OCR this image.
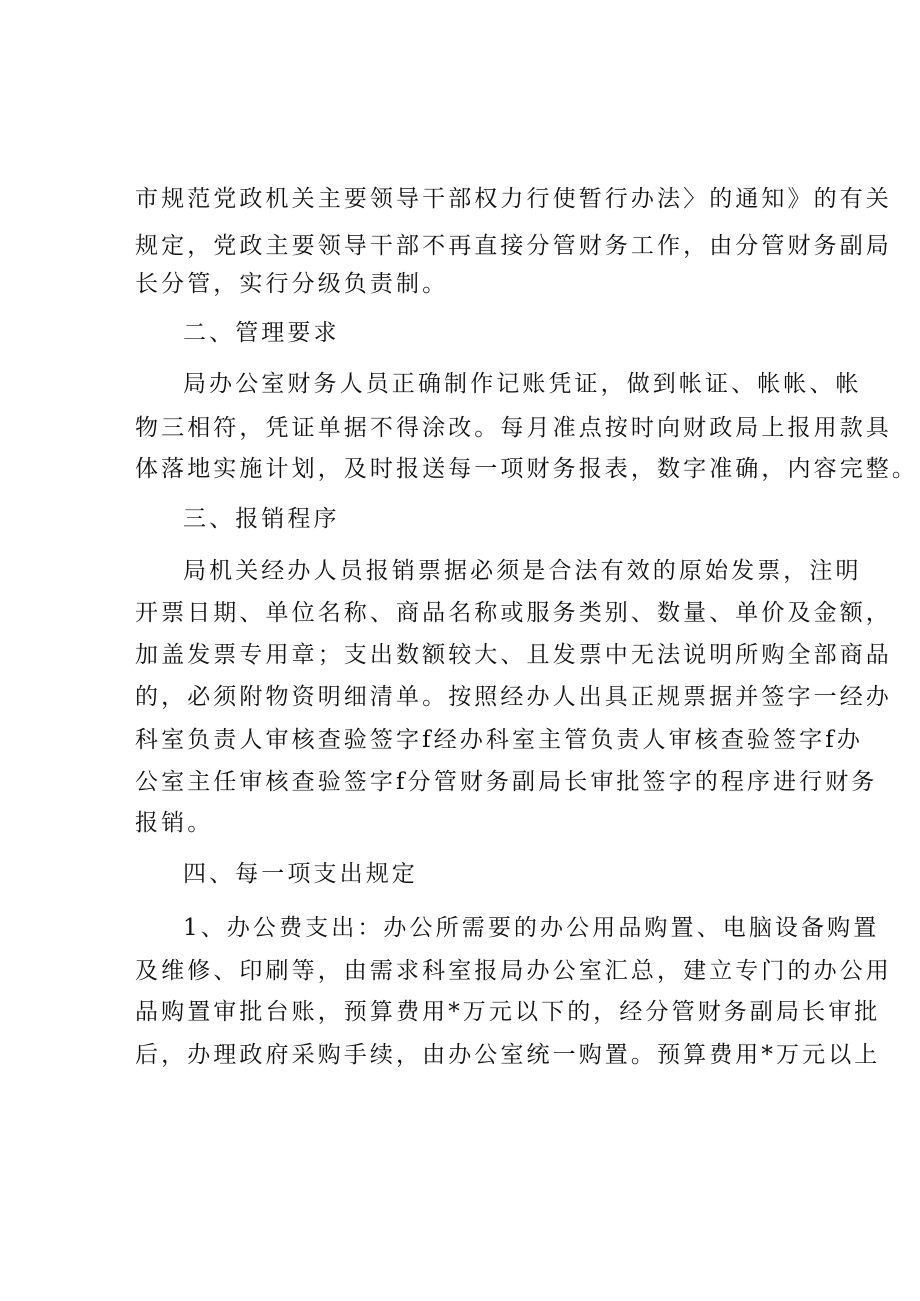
市规范党政机关主要领导干部权力行使暂行办法〉的通知》的有关
规定，党政主要领导干部不再直接分管财务工作，由分管财务副局
长分管，实行分级负责制。
二、管理要求
局办公室财务人员正确制作记账凭证，做到帐证、帐帐、帐
物三相符，凭证单据不得涂改。每月准点按时向财政局上报用款具
体落地实施计划，及时报送每一项财务报表，数字准确，内容完整。
三、报销程序
局机关经办人员报销票据必须是合法有效的原始发票，注明
开票日期、单位名称、商品名称或服务类别、数量、单价及金额，
加盖发票专用章；支出数额较大、且发票中无法说明所购全部商品
的，必须附物资明细清单。按照经办人出具正规票据并签字一经办
科室负责人审核查验签字f经办科室主管负责人审核查验签字f办
公室主任审核查验签字f分管财务副局长审批签字的程序进行财务
报销。
四、每一项支出规定
1、办公费支出：办公所需要的办公用品购置、电脑设备购置
及维修、印刷等，由需求科室报局办公室汇总，建立专门的办公用
品购置审批台账，预算费用*万元以下的，经分管财务副局长审批
后，办理政府采购手续，由办公室统一购置。预算费用*万元以上
